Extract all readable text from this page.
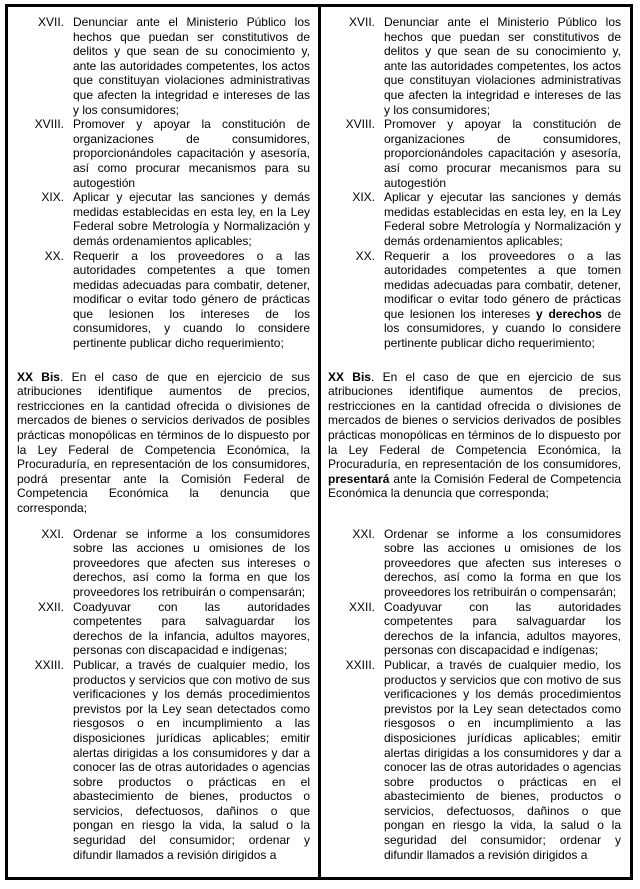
XVII. Denunciar ante el Ministerio Público los hechos que puedan ser constitutivos de delitos y que sean de su conocimiento y, ante las autoridades competentes, los actos que constituyan violaciones administrativas que afecten la integridad e intereses de las y los consumidores;
XVIII. Promover y apoyar la constitución de organizaciones de consumidores, proporcionándoles capacitación y asesoría, así como procurar mecanismos para su autogestión
XIX. Aplicar y ejecutar las sanciones y demás medidas establecidas en esta ley, en la Ley Federal sobre Metrología y Normalización y demás ordenamientos aplicables;
XX. Requerir a los proveedores o a las autoridades competentes a que tomen medidas adecuadas para combatir, detener, modificar o evitar todo género de prácticas que lesionen los intereses de los consumidores, y cuando lo considere pertinente publicar dicho requerimiento;
XVII. Denunciar ante el Ministerio Público los hechos que puedan ser constitutivos de delitos y que sean de su conocimiento y, ante las autoridades competentes, los actos que constituyan violaciones administrativas que afecten la integridad e intereses de las y los consumidores;
XVIII. Promover y apoyar la constitución de organizaciones de consumidores, proporcionándoles capacitación y asesoría, así como procurar mecanismos para su autogestión
XIX. Aplicar y ejecutar las sanciones y demás medidas establecidas en esta ley, en la Ley Federal sobre Metrología y Normalización y demás ordenamientos aplicables;
XX. Requerir a los proveedores o a las autoridades competentes a que tomen medidas adecuadas para combatir, detener, modificar o evitar todo género de prácticas que lesionen los intereses y derechos de los consumidores, y cuando lo considere pertinente publicar dicho requerimiento;

XX Bis. En el caso de que en ejercicio de sus atribuciones identifique aumentos de precios, restricciones en la cantidad ofrecida o divisiones de mercados de bienes o servicios derivados de posibles prácticas monopólicas en términos de lo dispuesto por la Ley Federal de Competencia Económica, la Procuraduría, en representación de los consumidores, podrá presentar ante la Comisión Federal de Competencia Económica la denuncia que corresponda;

XX Bis. En el caso de que en ejercicio de sus atribuciones identifique aumentos de precios, restricciones en la cantidad ofrecida o divisiones de mercados de bienes o servicios derivados de posibles prácticas monopólicas en términos de lo dispuesto por la Ley Federal de Competencia Económica, la Procuraduría, en representación de los consumidores, presentará ante la Comisión Federal de Competencia Económica la denuncia que corresponda;

XXI. Ordenar se informe a los consumidores sobre las acciones u omisiones de los proveedores que afecten sus intereses o derechos, así como la forma en que los proveedores los retribuirán o compensarán;
XXII. Coadyuvar con las autoridades competentes para salvaguardar los derechos de la infancia, adultos mayores, personas con discapacidad e indígenas;
XXIII. Publicar, a través de cualquier medio, los productos y servicios que con motivo de sus verificaciones y los demás procedimientos previstos por la Ley sean detectados como riesgosos o en incumplimiento a las disposiciones jurídicas aplicables; emitir alertas dirigidas a los consumidores y dar a conocer las de otras autoridades o agencias sobre productos o prácticas en el abastecimiento de bienes, productos o servicios, defectuosos, dañinos o que pongan en riesgo la vida, la salud o la seguridad del consumidor; ordenar y difundir llamados a revisión dirigidos a
XXI. Ordenar se informe a los consumidores sobre las acciones u omisiones de los proveedores que afecten sus intereses o derechos, así como la forma en que los proveedores los retribuirán o compensarán;
XXII. Coadyuvar con las autoridades competentes para salvaguardar los derechos de la infancia, adultos mayores, personas con discapacidad e indígenas;
XXIII. Publicar, a través de cualquier medio, los productos y servicios que con motivo de sus verificaciones y los demás procedimientos previstos por la Ley sean detectados como riesgosos o en incumplimiento a las disposiciones jurídicas aplicables; emitir alertas dirigidas a los consumidores y dar a conocer las de otras autoridades o agencias sobre productos o prácticas en el abastecimiento de bienes, productos o servicios, defectuosos, dañinos o que pongan en riesgo la vida, la salud o la seguridad del consumidor; ordenar y difundir llamados a revisión dirigidos a
